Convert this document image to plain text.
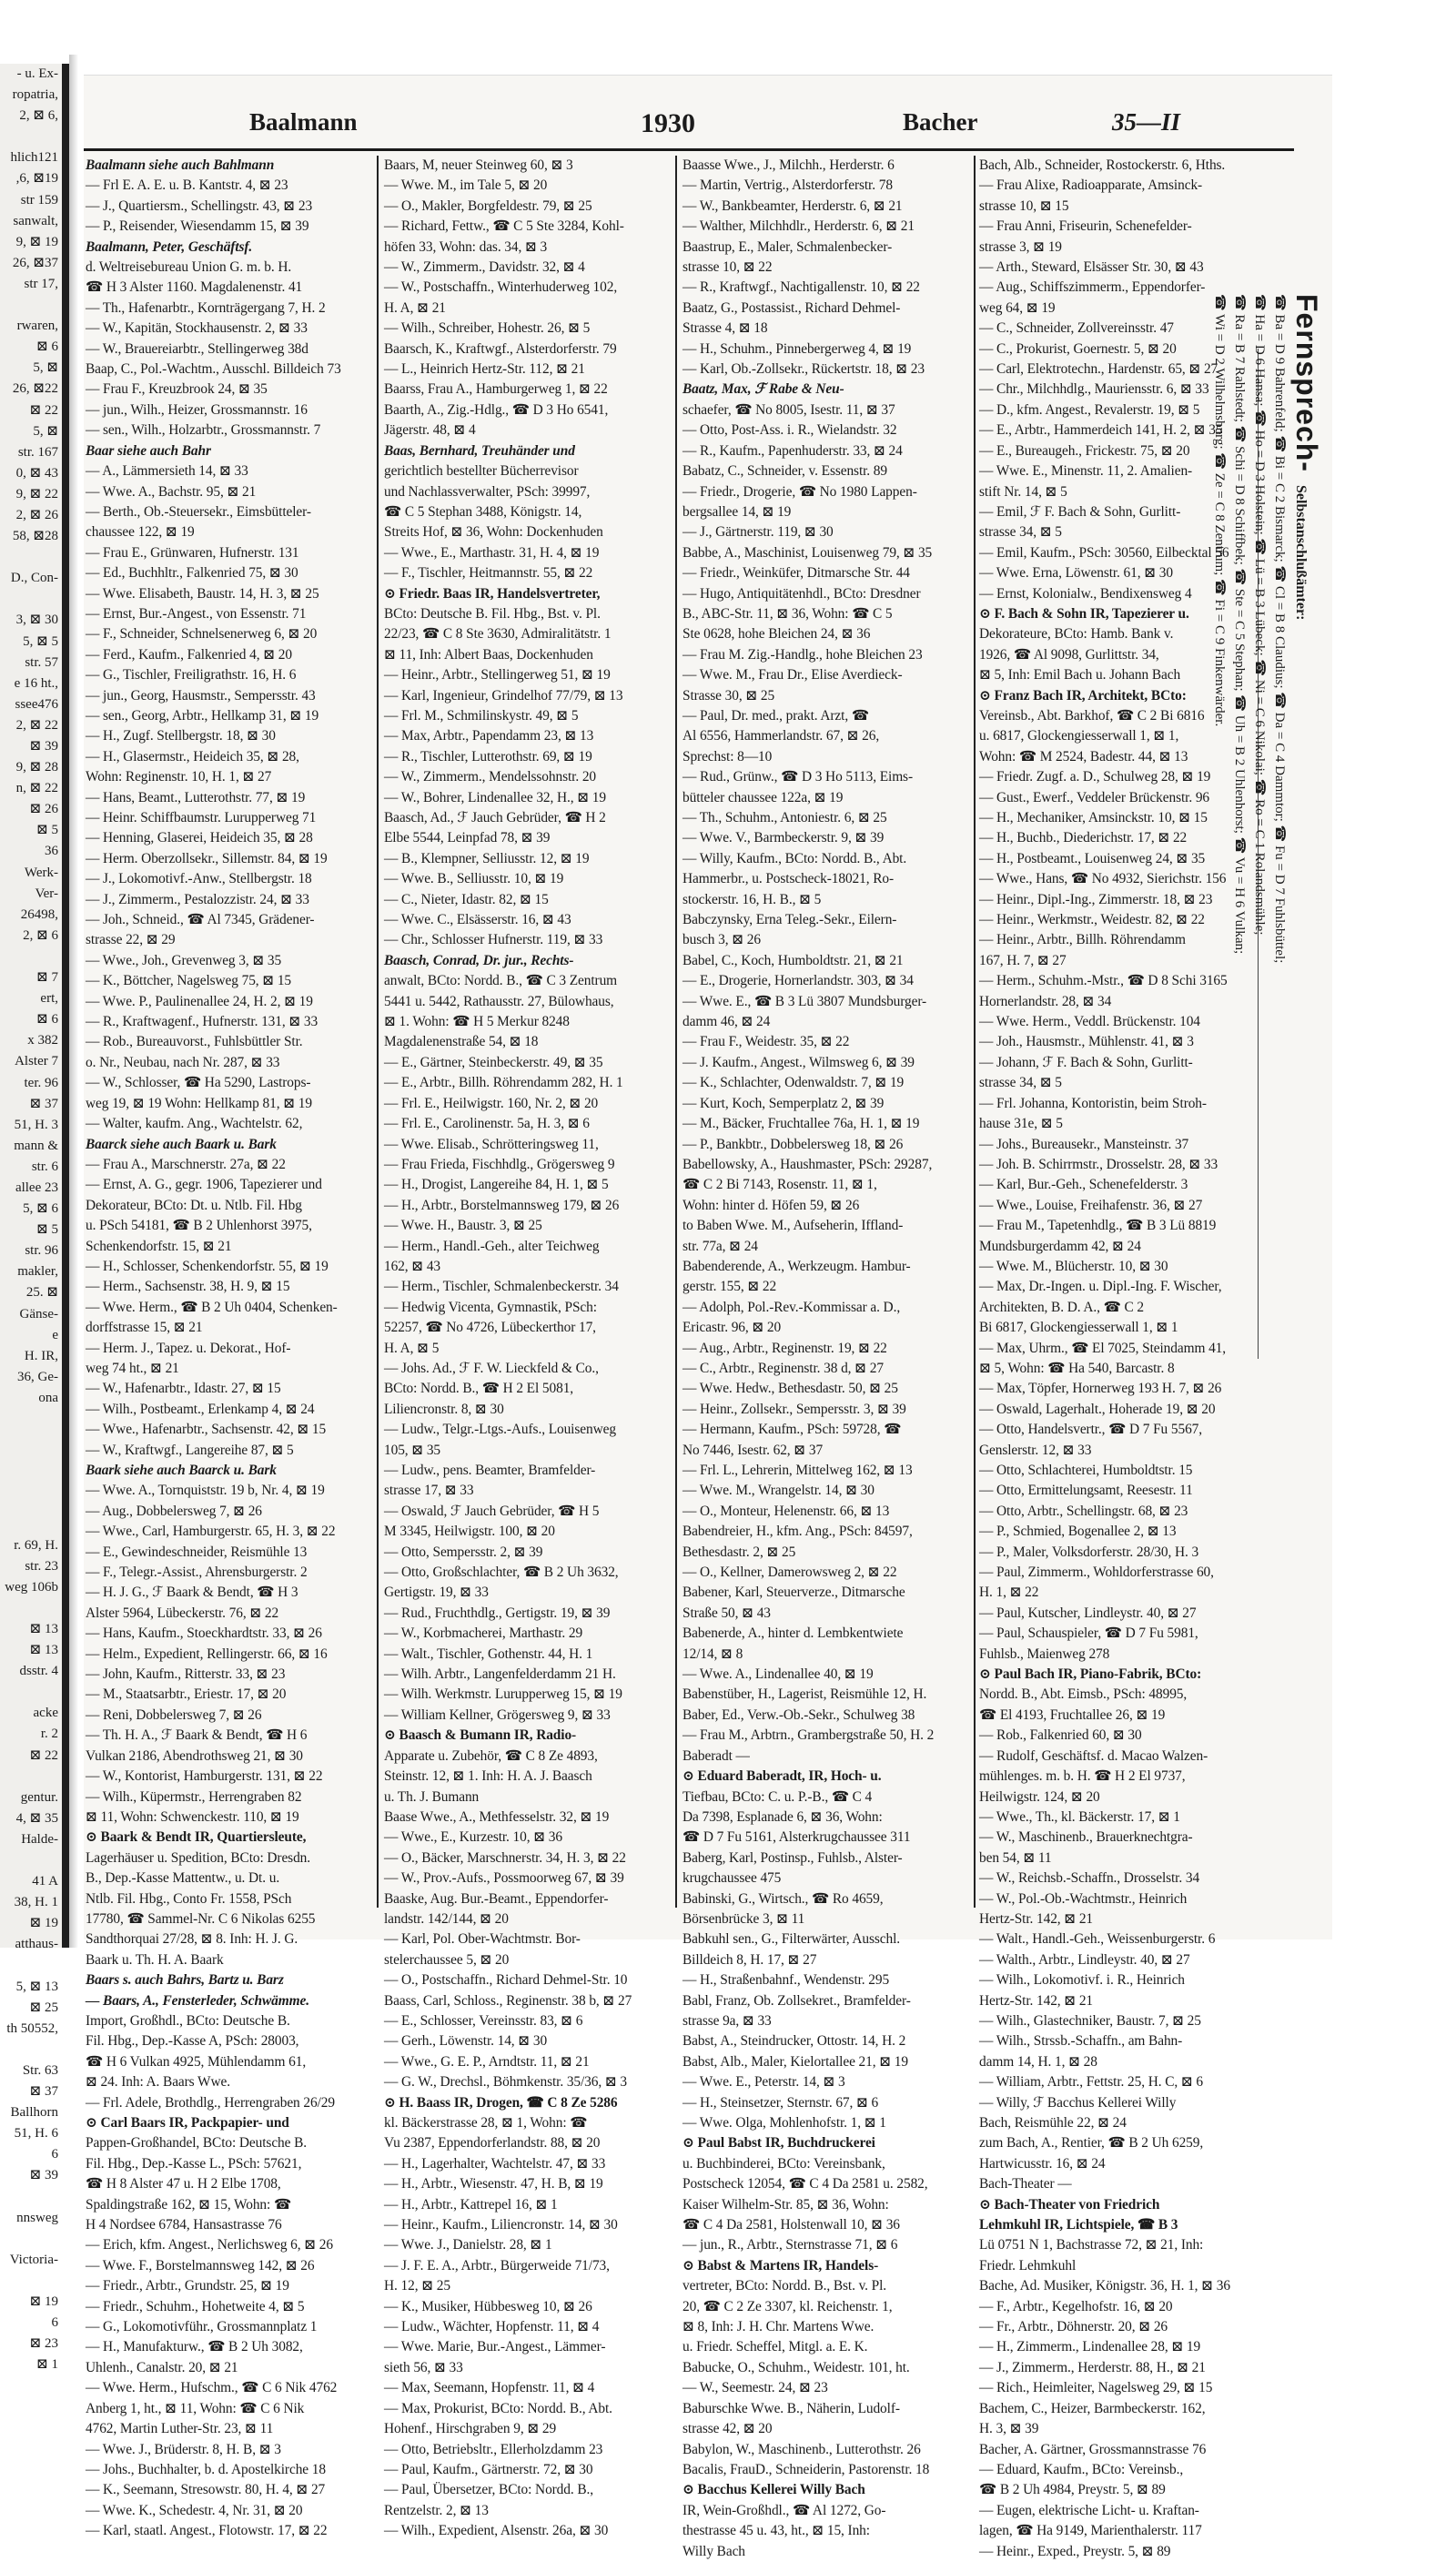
- u. Ex-
ropatria,
2, ⊠ 6,

hlich121
,6, ⊠19
str 159
sanwalt,
9, ⊠ 19
26, ⊠37
str 17,

rwaren,
⊠ 6
5, ⊠
26, ⊠22
⊠ 22
5, ⊠
str. 167
0, ⊠ 43
9, ⊠ 22
2, ⊠ 26
58, ⊠28

D., Con-

3, ⊠ 30
5, ⊠ 5
str. 57
e 16 ht.,
ssee476
2, ⊠ 22
⊠ 39
9, ⊠ 28
n, ⊠ 22
⊠ 26
⊠ 5
36
Werk-
Ver-
26498,
2, ⊠ 6

⊠ 7
ert,
⊠ 6
x 382
Alster 7
ter. 96
⊠ 37
51, H. 3
mann &
str. 6
allee 23
5, ⊠ 6
⊠ 5
str. 96
makler,
25. ⊠
Gänse-
e
H. IR,
36, Ge-
ona

r. 69, H.
str. 23
weg 106b

⊠ 13
⊠ 13
dsstr. 4

acke
r. 2
⊠ 22

gentur.
4, ⊠ 35
Halde-

41 A
38, H. 1
⊠ 19
atthaus-

5, ⊠ 13
⊠ 25
th 50552,

Str. 63
⊠ 37
Ballhorn
51, H. 6
6
⊠ 39

nnsweg

Victoria-

⊠ 19
6
⊠ 23
⊠ 1
Baalmann	1930	Bacher	35—II
Baalmann siehe auch Bahlmann
— Frl E. A. E. u. B. Kantstr. 4, ⊠ 23
— J., Quartiersm., Schellingstr. 43, ⊠ 23
— P., Reisender, Wiesendamm 15, ⊠ 39
Baalmann, Peter, Geschäftsf.
d. Weltreisebureau Union G. m. b. H.
☎ H 3 Alster 1160. Magdalenenstr. 41
— Th., Hafenarbtr., Kornträgergang 7, H. 2
— W., Kapitän, Stockhausenstr. 2, ⊠ 33
— W., Brauereiarbtr., Stellingerweg 38d
Baap, C., Pol.-Wachtm., Ausschl. Billdeich 73
— Frau F., Kreuzbrook 24, ⊠ 35
— jun., Wilh., Heizer, Grossmannstr. 16
— sen., Wilh., Holzarbtr., Grossmannstr. 7
Baar siehe auch Bahr
— A., Lämmersieth 14, ⊠ 33
— Wwe. A., Bachstr. 95, ⊠ 21
— Berth., Ob.-Steuersekr., Eimsbütteler-
chaussee 122, ⊠ 19
— Frau E., Grünwaren, Hufnerstr. 131
— Ed., Buchhltr., Falkenried 75, ⊠ 30
— Wwe. Elisabeth, Baustr. 14, H. 3, ⊠ 25
— Ernst, Bur.-Angest., von Essenstr. 71
— F., Schneider, Schnelsenerweg 6, ⊠ 20
— Ferd., Kaufm., Falkenried 4, ⊠ 20
— G., Tischler, Freiligrathstr. 16, H. 6
— jun., Georg, Hausmstr., Sempersstr. 43
— sen., Georg, Arbtr., Hellkamp 31, ⊠ 19
— H., Zugf. Stellbergstr. 18, ⊠ 30
— H., Glasermstr., Heideich 35, ⊠ 28,
Wohn: Reginenstr. 10, H. 1, ⊠ 27
— Hans, Beamt., Lutterothstr. 77, ⊠ 19
— Heinr. Schiffbaumstr. Lurupperweg 71
— Henning, Glaserei, Heideich 35, ⊠ 28
— Herm. Oberzollsekr., Sillemstr. 84, ⊠ 19
— J., Lokomotivf.-Anw., Stellbergstr. 18
— J., Zimmerm., Pestalozzistr. 24, ⊠ 33
— Joh., Schneid., ☎ Al 7345, Grädener-
strasse 22, ⊠ 29
— Wwe., Joh., Grevenweg 3, ⊠ 35
— K., Böttcher, Nagelsweg 75, ⊠ 15
— Wwe. P., Paulinenallee 24, H. 2, ⊠ 19
— R., Kraftwagenf., Hufnerstr. 131, ⊠ 33
— Rob., Bureauvorst., Fuhlsbüttler Str.
o. Nr., Neubau, nach Nr. 287, ⊠ 33
— W., Schlosser, ☎ Ha 5290, Lastrops-
weg 19, ⊠ 19 Wohn: Hellkamp 81, ⊠ 19
— Walter, kaufm. Ang., Wachtelstr. 62,
Baarck siehe auch Baark u. Bark
— Frau A., Marschnerstr. 27a, ⊠ 22
— Ernst, A. G., gegr. 1906, Tapezierer und
Dekorateur, BCto: Dt. u. Ntlb. Fil. Hbg
u. PSch 54181, ☎ B 2 Uhlenhorst 3975,
Schenkendorfstr. 15, ⊠ 21
— H., Schlosser, Schenkendorfstr. 55, ⊠ 19
— Herm., Sachsenstr. 38, H. 9, ⊠ 15
— Wwe. Herm., ☎ B 2 Uh 0404, Schenken-
dorffstrasse 15, ⊠ 21
— Herm. J., Tapez. u. Dekorat., Hof-
weg 74 ht., ⊠ 21
— W., Hafenarbtr., Idastr. 27, ⊠ 15
— Wilh., Postbeamt., Erlenkamp 4, ⊠ 24
— Wwe., Hafenarbtr., Sachsenstr. 42, ⊠ 15
— W., Kraftwgf., Langereihe 87, ⊠ 5
Baark siehe auch Baarck u. Bark
— Wwe. A., Tornquiststr. 19 b, Nr. 4, ⊠ 19
— Aug., Dobbelersweg 7, ⊠ 26
— Wwe., Carl, Hamburgerstr. 65, H. 3, ⊠ 22
— E., Gewindeschneider, Reismühle 13
— F., Telegr.-Assist., Ahrensburgerstr. 2
— H. J. G., ℱ Baark & Bendt, ☎ H 3
Alster 5964, Lübeckerstr. 76, ⊠ 22
— Hans, Kaufm., Stoeckhardtstr. 33, ⊠ 26
— Helm., Expedient, Rellingerstr. 66, ⊠ 16
— John, Kaufm., Ritterstr. 33, ⊠ 23
— M., Staatsarbtr., Eriestr. 17, ⊠ 20
— Reni, Dobbelersweg 7, ⊠ 26
— Th. H. A., ℱ Baark & Bendt, ☎ H 6
Vulkan 2186, Abendrothsweg 21, ⊠ 30
— W., Kontorist, Hamburgerstr. 131, ⊠ 22
— Wilh., Küpermstr., Herrengraben 82
⊠ 11, Wohn: Schwenckestr. 110, ⊠ 19
⊙ Baark & Bendt IR, Quartiersleute,
Lagerhäuser u. Spedition, BCto: Dresdn.
B., Dep.-Kasse Mattentw., u. Dt. u.
Ntlb. Fil. Hbg., Conto Fr. 1558, PSch
17780, ☎ Sammel-Nr. C 6 Nikolas 6255
Sandthorquai 27/28, ⊠ 8. Inh: H. J. G.
Baark u. Th. H. A. Baark
Baars s. auch Bahrs, Bartz u. Barz
— Baars, A., Fensterleder, Schwämme.
Import, Großhdl., BCto: Deutsche B.
Fil. Hbg., Dep.-Kasse A, PSch: 28003,
☎ H 6 Vulkan 4925, Mühlendamm 61,
⊠ 24. Inh: A. Baars Wwe.
— Frl. Adele, Brothdlg., Herrengraben 26/29
⊙ Carl Baars IR, Packpapier- und
Pappen-Großhandel, BCto: Deutsche B.
Fil. Hbg., Dep.-Kasse L., PSch: 57621,
☎ H 8 Alster 47 u. H 2 Elbe 1708,
Spaldingstraße 162, ⊠ 15, Wohn: ☎
H 4 Nordsee 6784, Hansastrasse 76
— Erich, kfm. Angest., Nerlichsweg 6, ⊠ 26
— Wwe. F., Borstelmannsweg 142, ⊠ 26
— Friedr., Arbtr., Grundstr. 25, ⊠ 19
— Friedr., Schuhm., Hohetweite 4, ⊠ 5
— G., Lokomotivführ., Grossmannplatz 1
— H., Manufakturw., ☎ B 2 Uh 3082,
Uhlenh., Canalstr. 20, ⊠ 21
— Wwe. Herm., Hufschm., ☎ C 6 Nik 4762
Anberg 1, ht., ⊠ 11, Wohn: ☎ C 6 Nik
4762, Martin Luther-Str. 23, ⊠ 11
— Wwe. J., Brüderstr. 8, H. B, ⊠ 3
— Johs., Buchhalter, b. d. Apostelkirche 18
— K., Seemann, Stresowstr. 80, H. 4, ⊠ 27
— Wwe. K., Schedestr. 4, Nr. 31, ⊠ 20
— Karl, staatl. Angest., Flotowstr. 17, ⊠ 22
Baars, M, neuer Steinweg 60, ⊠ 3
— Wwe. M., im Tale 5, ⊠ 20
— O., Makler, Borgfeldestr. 79, ⊠ 25
— Richard, Fettw., ☎ C 5 Ste 3284, Kohl-
höfen 33, Wohn: das. 34, ⊠ 3
— W., Zimmerm., Davidstr. 32, ⊠ 4
— W., Postschaffn., Winterhuderweg 102,
H. A, ⊠ 21
— Wilh., Schreiber, Hohestr. 26, ⊠ 5
Baarsch, K., Kraftwgf., Alsterdorferstr. 79
— L., Heinrich Hertz-Str. 112, ⊠ 21
Baarss, Frau A., Hamburgerweg 1, ⊠ 22
Baarth, A., Zig.-Hdlg., ☎ D 3 Ho 6541,
Jägerstr. 48, ⊠ 4
Baas, Bernhard, Treuhänder und
gerichtlich bestellter Bücherrevisor
und Nachlassverwalter, PSch: 39997,
☎ C 5 Stephan 3488, Königstr. 14,
Streits Hof, ⊠ 36, Wohn: Dockenhuden
— Wwe., E., Marthastr. 31, H. 4, ⊠ 19
— F., Tischler, Heitmannstr. 55, ⊠ 22
⊙ Friedr. Baas IR, Handelsvertreter,
BCto: Deutsche B. Fil. Hbg., Bst. v. Pl.
22/23, ☎ C 8 Ste 3630, Admiralitätstr. 1
⊠ 11, Inh: Albert Baas, Dockenhuden
— Heinr., Arbtr., Stellingerweg 51, ⊠ 19
— Karl, Ingenieur, Grindelhof 77/79, ⊠ 13
— Frl. M., Schmilinskystr. 49, ⊠ 5
— Max, Arbtr., Papendamm 23, ⊠ 13
— R., Tischler, Lutterothstr. 69, ⊠ 19
— W., Zimmerm., Mendelssohnstr. 20
— W., Bohrer, Lindenallee 32, H., ⊠ 19
Baasch, Ad., ℱ Jauch Gebrüder, ☎ H 2
Elbe 5544, Leinpfad 78, ⊠ 39
— B., Klempner, Selliusstr. 12, ⊠ 19
— Wwe. B., Selliusstr. 10, ⊠ 19
— C., Nieter, Idastr. 82, ⊠ 15
— Wwe. C., Elsässerstr. 16, ⊠ 43
— Chr., Schlosser Hufnerstr. 119, ⊠ 33
Baasch, Conrad, Dr. jur., Rechts-
anwalt, BCto: Nordd. B., ☎ C 3 Zentrum
5441 u. 5442, Rathausstr. 27, Bülowhaus,
⊠ 1. Wohn: ☎ H 5 Merkur 8248
Magdalenenstraße 54, ⊠ 18
— E., Gärtner, Steinbeckerstr. 49, ⊠ 35
— E., Arbtr., Billh. Röhrendamm 282, H. 1
— Frl. E., Heilwigstr. 160, Nr. 2, ⊠ 20
— Frl. E., Carolinenstr. 5a, H. 3, ⊠ 6
— Wwe. Elisab., Schrötteringsweg 11,
— Frau Frieda, Fischhdlg., Grögersweg 9
— H., Drogist, Langereihe 84, H. 1, ⊠ 5
— H., Arbtr., Borstelmannsweg 179, ⊠ 26
— Wwe. H., Baustr. 3, ⊠ 25
— Herm., Handl.-Geh., alter Teichweg
162, ⊠ 43
— Herm., Tischler, Schmalenbeckerstr. 34
— Hedwig Vicenta, Gymnastik, PSch:
52257, ☎ No 4726, Lübeckerthor 17,
H. A, ⊠ 5
— Johs. Ad., ℱ F. W. Lieckfeld & Co.,
BCto: Nordd. B., ☎ H 2 El 5081,
Liliencronstr. 8, ⊠ 30
— Ludw., Telgr.-Ltgs.-Aufs., Louisenweg
105, ⊠ 35
— Ludw., pens. Beamter, Bramfelder-
strasse 17, ⊠ 33
— Oswald, ℱ Jauch Gebrüder, ☎ H 5
M 3345, Heilwigstr. 100, ⊠ 20
— Otto, Sempersstr. 2, ⊠ 39
— Otto, Großschlachter, ☎ B 2 Uh 3632,
Gertigstr. 19, ⊠ 33
— Rud., Fruchthdlg., Gertigstr. 19, ⊠ 39
— W., Korbmacherei, Marthastr. 29
— Walt., Tischler, Gothenstr. 44, H. 1
— Wilh. Arbtr., Langenfelderdamm 21 H.
— Wilh. Werkmstr. Lurupperweg 15, ⊠ 19
— William Kellner, Grögersweg 9, ⊠ 33
⊙ Baasch & Bumann IR, Radio-
Apparate u. Zubehör, ☎ C 8 Ze 4893,
Steinstr. 12, ⊠ 1. Inh: H. A. J. Baasch
u. Th. J. Bumann
Baase Wwe., A., Methfesselstr. 32, ⊠ 19
— Wwe., E., Kurzestr. 10, ⊠ 36
— O., Bäcker, Marschnerstr. 34, H. 3, ⊠ 22
— W., Prov.-Aufs., Possmoorweg 67, ⊠ 39
Baaske, Aug. Bur.-Beamt., Eppendorfer-
landstr. 142/144, ⊠ 20
— Karl, Pol. Ober-Wachtmstr. Bor-
stelerchaussee 5, ⊠ 20
— O., Postschaffn., Richard Dehmel-Str. 10
Baass, Carl, Schloss., Reginenstr. 38 b, ⊠ 27
— E., Schlosser, Vereinsstr. 83, ⊠ 6
— Gerh., Löwenstr. 14, ⊠ 30
— Wwe., G. E. P., Arndtstr. 11, ⊠ 21
— G. W., Drechsl., Böhmkenstr. 35/36, ⊠ 3
⊙ H. Baass IR, Drogen, ☎ C 8 Ze 5286
kl. Bäckerstrasse 28, ⊠ 1, Wohn: ☎
Vu 2387, Eppendorferlandstr. 88, ⊠ 20
— H., Lagerhalter, Wachtelstr. 47, ⊠ 33
— H., Arbtr., Wiesenstr. 47, H. B, ⊠ 19
— H., Arbtr., Kattrepel 16, ⊠ 1
— Heinr., Kaufm., Liliencronstr. 14, ⊠ 30
— Wwe. J., Danielstr. 28, ⊠ 1
— J. F. E. A., Arbtr., Bürgerweide 71/73,
H. 12, ⊠ 25
— K., Musiker, Hübbesweg 10, ⊠ 26
— Ludw., Wächter, Hopfenstr. 11, ⊠ 4
— Wwe. Marie, Bur.-Angest., Lämmer-
sieth 56, ⊠ 33
— Max, Seemann, Hopfenstr. 11, ⊠ 4
— Max, Prokurist, BCto: Nordd. B., Abt.
Hohenf., Hirschgraben 9, ⊠ 29
— Otto, Betriebsltr., Ellerholzdamm 23
— Paul, Kaufm., Gärtnerstr. 72, ⊠ 30
— Paul, Übersetzer, BCto: Nordd. B.,
Rentzelstr. 2, ⊠ 13
— Wilh., Expedient, Alsenstr. 26a, ⊠ 30
Baasse Wwe., J., Milchh., Herderstr. 6
— Martin, Vertrig., Alsterdorferstr. 78
— W., Bankbeamter, Herderstr. 6, ⊠ 21
— Walther, Milchhdlr., Herderstr. 6, ⊠ 21
Baastrup, E., Maler, Schmalenbecker-
strasse 10, ⊠ 22
— R., Kraftwgf., Nachtigallenstr. 10, ⊠ 22
Baatz, G., Postassist., Richard Dehmel-
Strasse 4, ⊠ 18
— H., Schuhm., Pinnebergerweg 4, ⊠ 19
— Karl, Ob.-Zollsekr., Rückertstr. 18, ⊠ 23
Baatz, Max, ℱ Rabe & Neu-
schaefer, ☎ No 8005, Isestr. 11, ⊠ 37
— Otto, Post-Ass. i. R., Wielandstr. 32
— R., Kaufm., Papenhuderstr. 33, ⊠ 24
Babatz, C., Schneider, v. Essenstr. 89
— Friedr., Drogerie, ☎ No 1980 Lappen-
bergsallee 14, ⊠ 19
— J., Gärtnerstr. 119, ⊠ 30
Babbe, A., Maschinist, Louisenweg 79, ⊠ 35
— Friedr., Weinküfer, Ditmarsche Str. 44
— Hugo, Antiquitätenhdl., BCto: Dresdner
B., ABC-Str. 11, ⊠ 36, Wohn: ☎ C 5
Ste 0628, hohe Bleichen 24, ⊠ 36
— Frau M. Zig.-Handlg., hohe Bleichen 23
— Wwe. M., Frau Dr., Elise Averdieck-
Strasse 30, ⊠ 25
— Paul, Dr. med., prakt. Arzt, ☎
Al 6556, Hammerlandstr. 67, ⊠ 26,
Sprechst: 8—10
— Rud., Grünw., ☎ D 3 Ho 5113, Eims-
bütteler chaussee 122a, ⊠ 19
— Th., Schuhm., Antoniestr. 6, ⊠ 25
— Wwe. V., Barmbeckerstr. 9, ⊠ 39
— Willy, Kaufm., BCto: Nordd. B., Abt.
Hammerbr., u. Postscheck-18021, Ro-
stockerstr. 16, H. B., ⊠ 5
Babczynsky, Erna Teleg.-Sekr., Eilern-
busch 3, ⊠ 26
Babel, C., Koch, Humboldtstr. 21, ⊠ 21
— E., Drogerie, Hornerlandstr. 303, ⊠ 34
— Wwe. E., ☎ B 3 Lü 3807 Mundsburger-
damm 46, ⊠ 24
— Frau F., Weidestr. 35, ⊠ 22
— J. Kaufm., Angest., Wilmsweg 6, ⊠ 39
— K., Schlachter, Odenwaldstr. 7, ⊠ 19
— Kurt, Koch, Semperplatz 2, ⊠ 39
— M., Bäcker, Fruchtallee 76a, H. 1, ⊠ 19
— P., Bankbtr., Dobbelersweg 18, ⊠ 26
Babellowsky, A., Haushmaster, PSch: 29287,
☎ C 2 Bi 7143, Rosenstr. 11, ⊠ 1,
Wohn: hinter d. Höfen 59, ⊠ 26
to Baben Wwe. M., Aufseherin, Iffland-
str. 77a, ⊠ 24
Babenderende, A., Werkzeugm. Hambur-
gerstr. 155, ⊠ 22
— Adolph, Pol.-Rev.-Kommissar a. D.,
Ericastr. 96, ⊠ 20
— Aug., Arbtr., Reginenstr. 19, ⊠ 22
— C., Arbtr., Reginenstr. 38 d, ⊠ 27
— Wwe. Hedw., Bethesdastr. 50, ⊠ 25
— Heinr., Zollsekr., Sempersstr. 3, ⊠ 39
— Hermann, Kaufm., PSch: 59728, ☎
No 7446, Isestr. 62, ⊠ 37
— Frl. L., Lehrerin, Mittelweg 162, ⊠ 13
— Wwe. M., Wrangelstr. 14, ⊠ 30
— O., Monteur, Helenenstr. 66, ⊠ 13
Babendreier, H., kfm. Ang., PSch: 84597,
Bethesdastr. 2, ⊠ 25
— O., Kellner, Damerowsweg 2, ⊠ 22
Babener, Karl, Steuerverze., Ditmarsche
Straße 50, ⊠ 43
Babenerde, A., hinter d. Lembkentwiete
12/14, ⊠ 8
— Wwe. A., Lindenallee 40, ⊠ 19
Babenstüber, H., Lagerist, Reismühle 12, H.
Baber, Ed., Verw.-Ob.-Sekr., Schulweg 38
— Frau M., Arbtrn., Grambergstraße 50, H. 2
Baberadt —
⊙ Eduard Baberadt, IR, Hoch- u.
Tiefbau, BCto: C. u. P.-B., ☎ C 4
Da 7398, Esplanade 6, ⊠ 36, Wohn:
☎ D 7 Fu 5161, Alsterkrugchaussee 311
Baberg, Karl, Postinsp., Fuhlsb., Alster-
krugchaussee 475
Babinski, G., Wirtsch., ☎ Ro 4659,
Börsenbrücke 3, ⊠ 11
Babkuhl sen., G., Filterwärter, Ausschl.
Billdeich 8, H. 17, ⊠ 27
— H., Straßenbahnf., Wendenstr. 295
Babl, Franz, Ob. Zollsekret., Bramfelder-
strasse 9a, ⊠ 33
Babst, A., Steindrucker, Ottostr. 14, H. 2
Babst, Alb., Maler, Kielortallee 21, ⊠ 19
— Wwe. E., Peterstr. 14, ⊠ 3
— H., Steinsetzer, Sternstr. 67, ⊠ 6
— Wwe. Olga, Mohlenhofstr. 1, ⊠ 1
⊙ Paul Babst IR, Buchdruckerei
u. Buchbinderei, BCto: Vereinsbank,
Postscheck 12054, ☎ C 4 Da 2581 u. 2582,
Kaiser Wilhelm-Str. 85, ⊠ 36, Wohn:
☎ C 4 Da 2581, Holstenwall 10, ⊠ 36
— jun., R., Arbtr., Sternstrasse 71, ⊠ 6
⊙ Babst & Martens IR, Handels-
vertreter, BCto: Nordd. B., Bst. v. Pl.
20, ☎ C 2 Ze 3307, kl. Reichenstr. 1,
⊠ 8, Inh: J. H. Chr. Martens Wwe.
u. Friedr. Scheffel, Mitgl. a. E. K.
Babucke, O., Schuhm., Weidestr. 101, ht.
— W., Seemestr. 24, ⊠ 23
Baburschke Wwe. B., Näherin, Ludolf-
strasse 42, ⊠ 20
Babylon, W., Maschinenb., Lutterothstr. 26
Bacalis, FrauD., Schneiderin, Pastorenstr. 18
⊙ Bacchus Kellerei Willy Bach
IR, Wein-Großhdl., ☎ Al 1272, Go-
thestrasse 45 u. 43, ht., ⊠ 15, Inh:
Willy Bach
Bach, Alb., Schneider, Rostockerstr. 6, Hths.
— Frau Alixe, Radioapparate, Amsinck-
strasse 10, ⊠ 15
— Frau Anni, Friseurin, Schenefelder-
strasse 3, ⊠ 19
— Arth., Steward, Elsässer Str. 30, ⊠ 43
— Aug., Schiffszimmerm., Eppendorfer-
weg 64, ⊠ 19
— C., Schneider, Zollvereinsstr. 47
— C., Prokurist, Goernestr. 5, ⊠ 20
— Carl, Elektrotechn., Hardenstr. 65, ⊠ 27
— Chr., Milchhdlg., Mauriensstr. 6, ⊠ 33
— D., kfm. Angest., Revalerstr. 19, ⊠ 5
— E., Arbtr., Hammerdeich 141, H. 2, ⊠ 35
— E., Bureaugeh., Frickestr. 75, ⊠ 20
— Wwe. E., Minenstr. 11, 2. Amalien-
stift Nr. 14, ⊠ 5
— Emil, ℱ F. Bach & Sohn, Gurlitt-
strasse 34, ⊠ 5
— Emil, Kaufm., PSch: 30560, Eilbecktal 56
— Wwe. Erna, Löwenstr. 61, ⊠ 30
— Ernst, Kolonialw., Bendixensweg 4
⊙ F. Bach & Sohn IR, Tapezierer u.
Dekorateure, BCto: Hamb. Bank v.
1926, ☎ Al 9098, Gurlittstr. 34,
⊠ 5, Inh: Emil Bach u. Johann Bach
⊙ Franz Bach IR, Architekt, BCto:
Vereinsb., Abt. Barkhof, ☎ C 2 Bi 6816
u. 6817, Glockengiesserwall 1, ⊠ 1,
Wohn: ☎ M 2524, Badestr. 44, ⊠ 13
— Friedr. Zugf. a. D., Schulweg 28, ⊠ 19
— Gust., Ewerf., Veddeler Brückenstr. 96
— H., Mechaniker, Amsinckstr. 10, ⊠ 15
— H., Buchb., Diederichstr. 17, ⊠ 22
— H., Postbeamt., Louisenweg 24, ⊠ 35
— Wwe., Hans, ☎ No 4932, Sierichstr. 156
— Heinr., Dipl.-Ing., Zimmerstr. 18, ⊠ 23
— Heinr., Werkmstr., Weidestr. 82, ⊠ 22
— Heinr., Arbtr., Billh. Röhrendamm
167, H. 7, ⊠ 27
— Herm., Schuhm.-Mstr., ☎ D 8 Schi 3165
Hornerlandstr. 28, ⊠ 34
— Wwe. Herm., Veddl. Brückenstr. 104
— Joh., Hausmstr., Mühlenstr. 41, ⊠ 3
— Johann, ℱ F. Bach & Sohn, Gurlitt-
strasse 34, ⊠ 5
— Frl. Johanna, Kontoristin, beim Stroh-
hause 31e, ⊠ 5
— Johs., Bureausekr., Mansteinstr. 37
— Joh. B. Schirrmstr., Drosselstr. 28, ⊠ 33
— Karl, Bur.-Geh., Schenefelderstr. 3
— Wwe., Louise, Freihafenstr. 36, ⊠ 27
— Frau M., Tapetenhdlg., ☎ B 3 Lü 8819
Mundsburgerdamm 42, ⊠ 24
— Wwe. M., Blücherstr. 10, ⊠ 30
— Max, Dr.-Ingen. u. Dipl.-Ing. F. Wischer,
Architekten, B. D. A., ☎ C 2
Bi 6817, Glockengiesserwall 1, ⊠ 1
— Max, Uhrm., ☎ El 7025, Steindamm 41,
⊠ 5, Wohn: ☎ Ha 540, Barcastr. 8
— Max, Töpfer, Hornerweg 193 H. 7, ⊠ 26
— Oswald, Lagerhalt., Hoherade 19, ⊠ 20
— Otto, Handelsvertr., ☎ D 7 Fu 5567,
Genslerstr. 12, ⊠ 33
— Otto, Schlachterei, Humboldtstr. 15
— Otto, Ermittelungsamt, Reesestr. 11
— Otto, Arbtr., Schellingstr. 68, ⊠ 23
— P., Schmied, Bogenallee 2, ⊠ 13
— P., Maler, Volksdorferstr. 28/30, H. 3
— Paul, Zimmerm., Wohldorferstrasse 60,
H. 1, ⊠ 22
— Paul, Kutscher, Lindleystr. 40, ⊠ 27
— Paul, Schauspieler, ☎ D 7 Fu 5981,
Fuhlsb., Maienweg 278
⊙ Paul Bach IR, Piano-Fabrik, BCto:
Nordd. B., Abt. Eimsb., PSch: 48995,
☎ El 4193, Fruchtallee 26, ⊠ 19
— Rob., Falkenried 60, ⊠ 30
— Rudolf, Geschäftsf. d. Macao Walzen-
mühlenges. m. b. H. ☎ H 2 El 9737,
Heilwigstr. 124, ⊠ 20
— Wwe., Th., kl. Bäckerstr. 17, ⊠ 1
— W., Maschinenb., Brauerknechtgra-
ben 54, ⊠ 11
— W., Reichsb.-Schaffn., Drosselstr. 34
— W., Pol.-Ob.-Wachtmstr., Heinrich
Hertz-Str. 142, ⊠ 21
— Walt., Handl.-Geh., Weissenburgerstr. 6
— Walth., Arbtr., Lindleystr. 40, ⊠ 27
— Wilh., Lokomotivf. i. R., Heinrich
Hertz-Str. 142, ⊠ 21
— Wilh., Glastechniker, Baustr. 7, ⊠ 25
— Wilh., Strssb.-Schaffn., am Bahn-
damm 14, H. 1, ⊠ 28
— William, Arbtr., Fettstr. 25, H. C, ⊠ 6
— Willy, ℱ Bacchus Kellerei Willy
Bach, Reismühle 22, ⊠ 24
zum Bach, A., Rentier, ☎ B 2 Uh 6259,
Hartwicusstr. 16, ⊠ 24
Bach-Theater —
⊙ Bach-Theater von Friedrich
Lehmkuhl IR, Lichtspiele, ☎ B 3
Lü 0751 N 1, Bachstrasse 72, ⊠ 21, Inh:
Friedr. Lehmkuhl
Bache, Ad. Musiker, Königstr. 36, H. 1, ⊠ 36
— F., Arbtr., Kegelhofstr. 16, ⊠ 20
— Fr., Arbtr., Döhnerstr. 20, ⊠ 26
— H., Zimmerm., Lindenallee 28, ⊠ 19
— J., Zimmerm., Herderstr. 88, H., ⊠ 21
— Rich., Heimleiter, Nagelsweg 29, ⊠ 15
Bachem, C., Heizer, Barmbeckerstr. 162,
H. 3, ⊠ 39
Bacher, A. Gärtner, Grossmannstrasse 76
— Eduard, Kaufm., BCto: Vereinsb.,
☎ B 2 Uh 4984, Preystr. 5, ⊠ 89
— Eugen, elektrische Licht- u. Kraftan-
lagen, ☎ Ha 9149, Marienthalerstr. 117
— Heinr., Exped., Preystr. 5, ⊠ 89
Fernsprech- Selbstanschlußämter:
☎ Ba = D 9 Bahrenfeld; ☎ Bi = C 2 Bismarck; ☎ Cl = B 8 Claudius; ☎ Da = C 4 Dammtor; ☎ Fu = D 7 Fuhlsbüttel;
☎ Ha = D 6 Hansa; ☎ Ho = D 3 Holstein; ☎ Lü = B 3 Lübeck; ☎ Ni = C 6 Nikolai; ☎ Ro = C 1 Rolandsmühle;
☎ Ra = B 7 Rahlstedt; ☎ Schi = D 8 Schiffbek; ☎ Ste = C 5 Stephan; ☎ Uh = B 2 Uhlenhorst; ☎ Vu = H 6 Vulkan;
☎ Wi = D 2 Wilhelmsburg; ☎ Ze = C 8 Zentrum; ☎ Fi = C 9 Finkenwärder.
